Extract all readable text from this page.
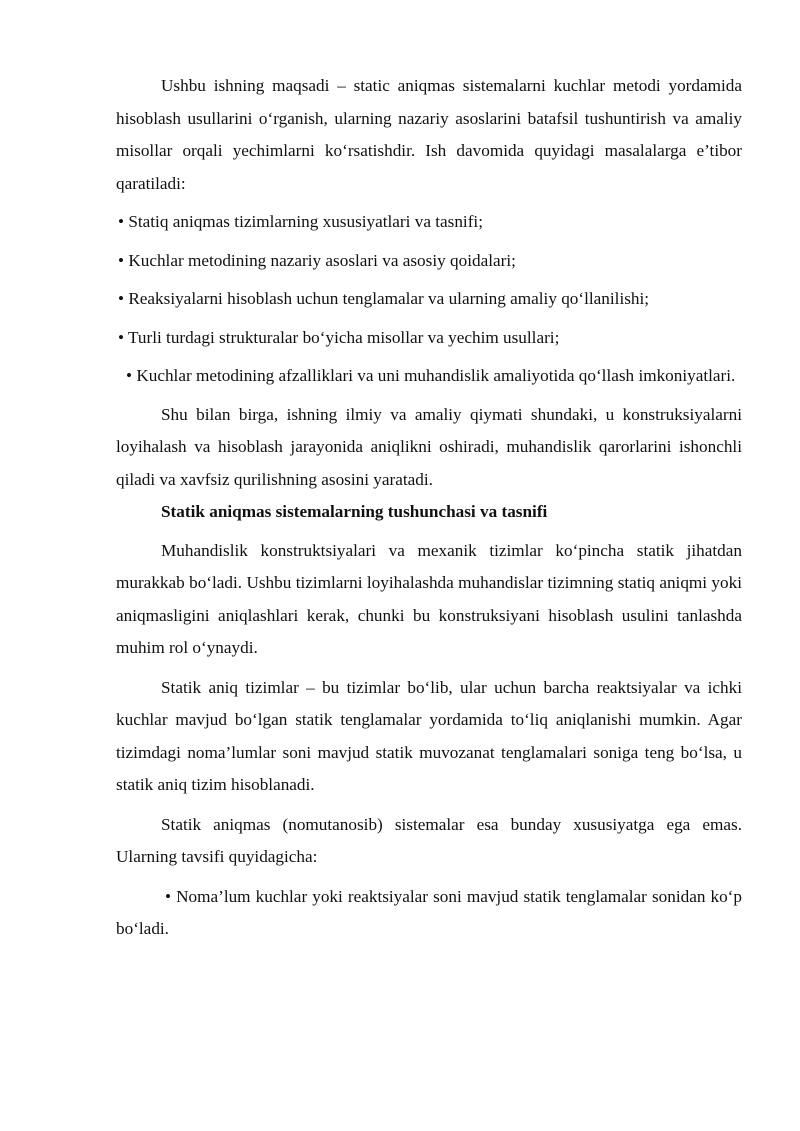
Ushbu ishning maqsadi – static aniqmas sistemalarni kuchlar metodi yordamida hisoblash usullarini o‘rganish, ularning nazariy asoslarini batafsil tushuntirish va amaliy misollar orqali yechimlarni ko‘rsatishdir. Ish davomida quyidagi masalalarga e’tibor qaratiladi:

• Statiq aniqmas tizimlarning xususiyatlari va tasnifi;

• Kuchlar metodining nazariy asoslari va asosiy qoidalari;

• Reaksiyalarni hisoblash uchun tenglamalar va ularning amaliy qo‘llanilishi;

• Turli turdagi strukturalar bo‘yicha misollar va yechim usullari;

• Kuchlar metodining afzalliklari va uni muhandislik amaliyotida qo‘llash imkoniyatlari.

Shu bilan birga, ishning ilmiy va amaliy qiymati shundaki, u konstruksiyalarni loyihalash va hisoblash jarayonida aniqlikni oshiradi, muhandislik qarorlarini ishonchli qiladi va xavfsiz qurilishning asosini yaratadi.

Statik aniqmas sistemalarning tushunchasi va tasnifi

Muhandislik konstruktsiyalari va mexanik tizimlar ko‘pincha statik jihatdan murakkab bo‘ladi. Ushbu tizimlarni loyihalashda muhandislar tizimning statiq aniqmi yoki aniqmasligini aniqlashlari kerak, chunki bu konstruksiyani hisoblash usulini tanlashda muhim rol o‘ynaydi.

Statik aniq tizimlar – bu tizimlar bo‘lib, ular uchun barcha reaktsiyalar va ichki kuchlar mavjud bo‘lgan statik tenglamalar yordamida to‘liq aniqlanishi mumkin. Agar tizimdagi noma’lumlar soni mavjud statik muvozanat tenglamalari soniga teng bo‘lsa, u statik aniq tizim hisoblanadi.

Statik aniqmas (nomutanosib) sistemalar esa bunday xususiyatga ega emas. Ularning tavsifi quyidagicha:

• Noma’lum kuchlar yoki reaktsiyalar soni mavjud statik tenglamalar sonidan ko‘p bo‘ladi.
